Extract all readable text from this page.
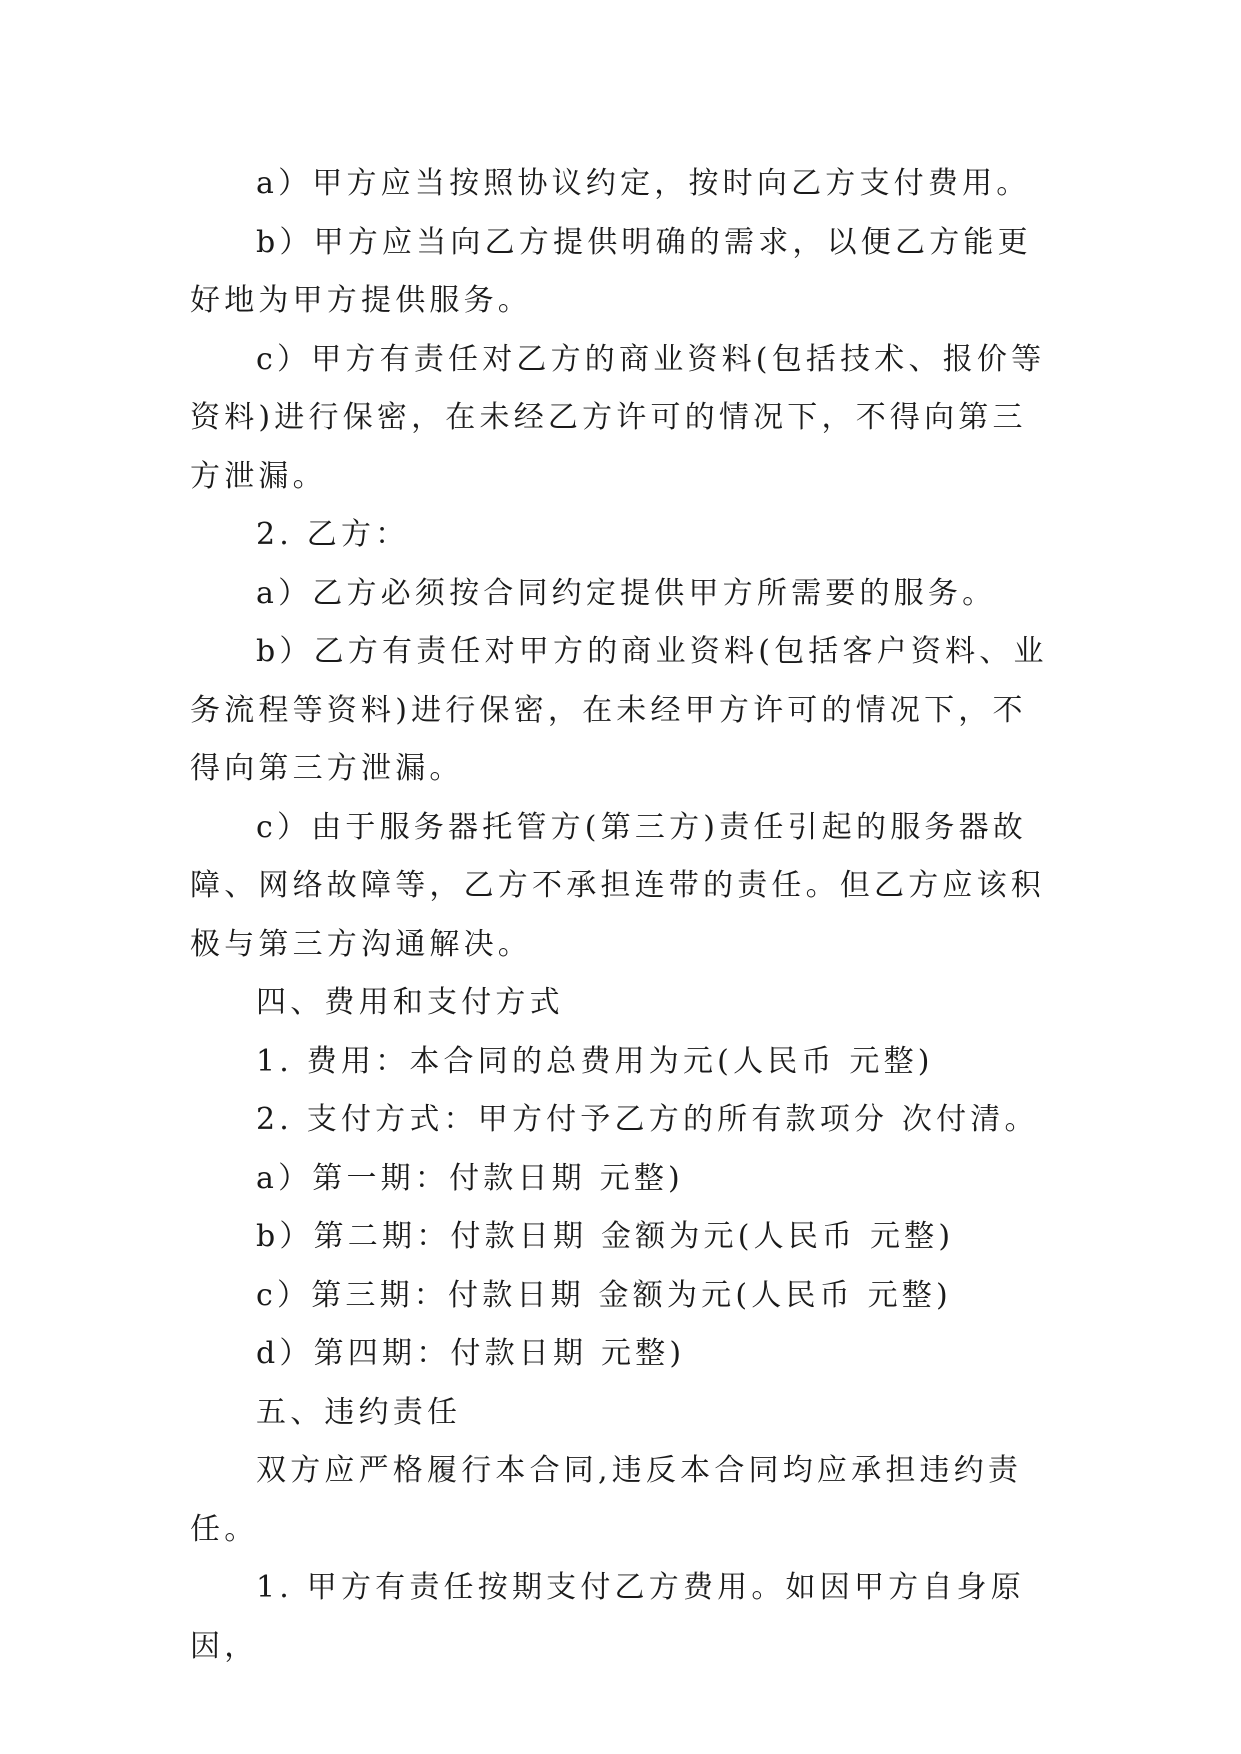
a）甲方应当按照协议约定，按时向乙方支付费用。

b）甲方应当向乙方提供明确的需求，以便乙方能更好地为甲方提供服务。

c）甲方有责任对乙方的商业资料(包括技术、报价等资料)进行保密，在未经乙方许可的情况下，不得向第三方泄漏。

2. 乙方：

a）乙方必须按合同约定提供甲方所需要的服务。

b）乙方有责任对甲方的商业资料(包括客户资料、业务流程等资料)进行保密，在未经甲方许可的情况下，不得向第三方泄漏。

c）由于服务器托管方(第三方)责任引起的服务器故障、网络故障等，乙方不承担连带的责任。但乙方应该积极与第三方沟通解决。

四、费用和支付方式

1. 费用：本合同的总费用为元(人民币 元整)

2. 支付方式：甲方付予乙方的所有款项分 次付清。

a）第一期：付款日期 元整)

b）第二期：付款日期 金额为元(人民币 元整)

c）第三期：付款日期 金额为元(人民币 元整)

d）第四期：付款日期 元整)

五、违约责任

双方应严格履行本合同,违反本合同均应承担违约责任。

1. 甲方有责任按期支付乙方费用。如因甲方自身原因，
